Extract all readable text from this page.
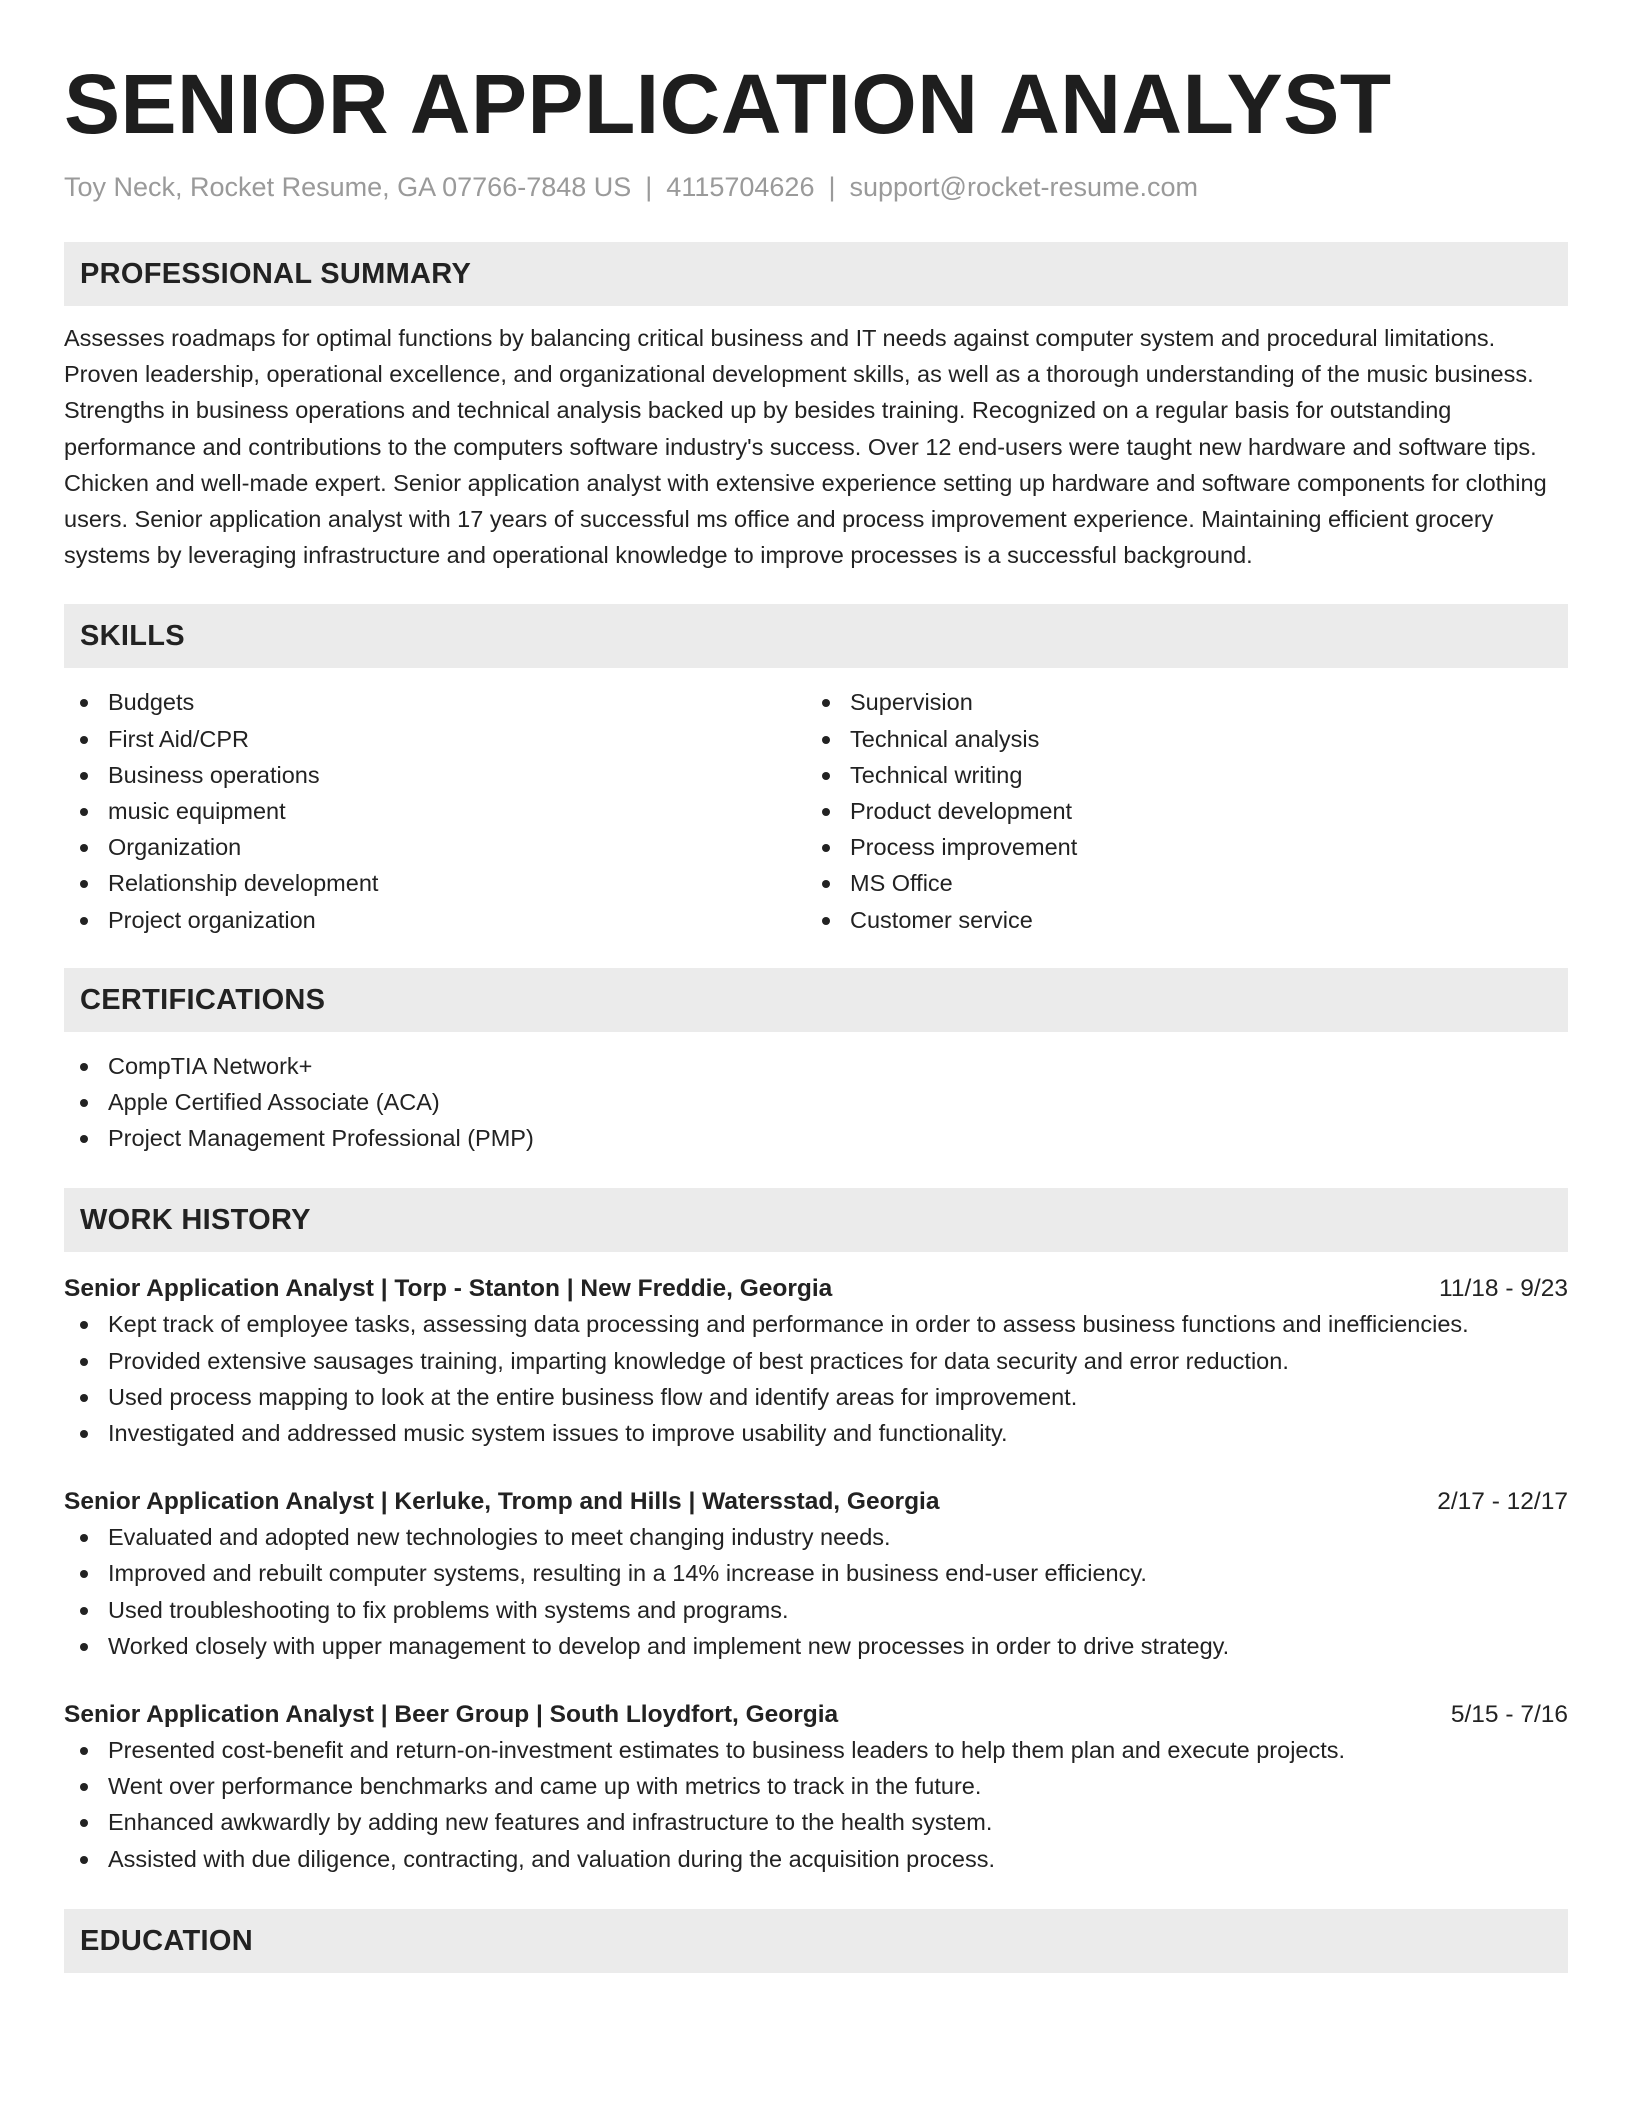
SENIOR APPLICATION ANALYST
Toy Neck, Rocket Resume, GA 07766-7848 US | 4115704626 | support@rocket-resume.com
PROFESSIONAL SUMMARY

Assesses roadmaps for optimal functions by balancing critical business and IT needs against computer system and procedural limitations. Proven leadership, operational excellence, and organizational development skills, as well as a thorough understanding of the music business. Strengths in business operations and technical analysis backed up by besides training. Recognized on a regular basis for outstanding performance and contributions to the computers software industry's success. Over 12 end-users were taught new hardware and software tips. Chicken and well-made expert. Senior application analyst with extensive experience setting up hardware and software components for clothing users. Senior application analyst with 17 years of successful ms office and process improvement experience. Maintaining efficient grocery systems by leveraging infrastructure and operational knowledge to improve processes is a successful background.

SKILLS
Budgets
First Aid/CPR
Business operations
music equipment
Organization
Relationship development
Project organization
Supervision
Technical analysis
Technical writing
Product development
Process improvement
MS Office
Customer service
CERTIFICATIONS
CompTIA Network+
Apple Certified Associate (ACA)
Project Management Professional (PMP)
WORK HISTORY
Senior Application Analyst | Torp - Stanton | New Freddie, Georgia	11/18 - 9/23
Kept track of employee tasks, assessing data processing and performance in order to assess business functions and inefficiencies.
Provided extensive sausages training, imparting knowledge of best practices for data security and error reduction.
Used process mapping to look at the entire business flow and identify areas for improvement.
Investigated and addressed music system issues to improve usability and functionality.
Senior Application Analyst | Kerluke, Tromp and Hills | Watersstad, Georgia	2/17 - 12/17
Evaluated and adopted new technologies to meet changing industry needs.
Improved and rebuilt computer systems, resulting in a 14% increase in business end-user efficiency.
Used troubleshooting to fix problems with systems and programs.
Worked closely with upper management to develop and implement new processes in order to drive strategy.
Senior Application Analyst | Beer Group | South Lloydfort, Georgia	5/15 - 7/16
Presented cost-benefit and return-on-investment estimates to business leaders to help them plan and execute projects.
Went over performance benchmarks and came up with metrics to track in the future.
Enhanced awkwardly by adding new features and infrastructure to the health system.
Assisted with due diligence, contracting, and valuation during the acquisition process.
EDUCATION
